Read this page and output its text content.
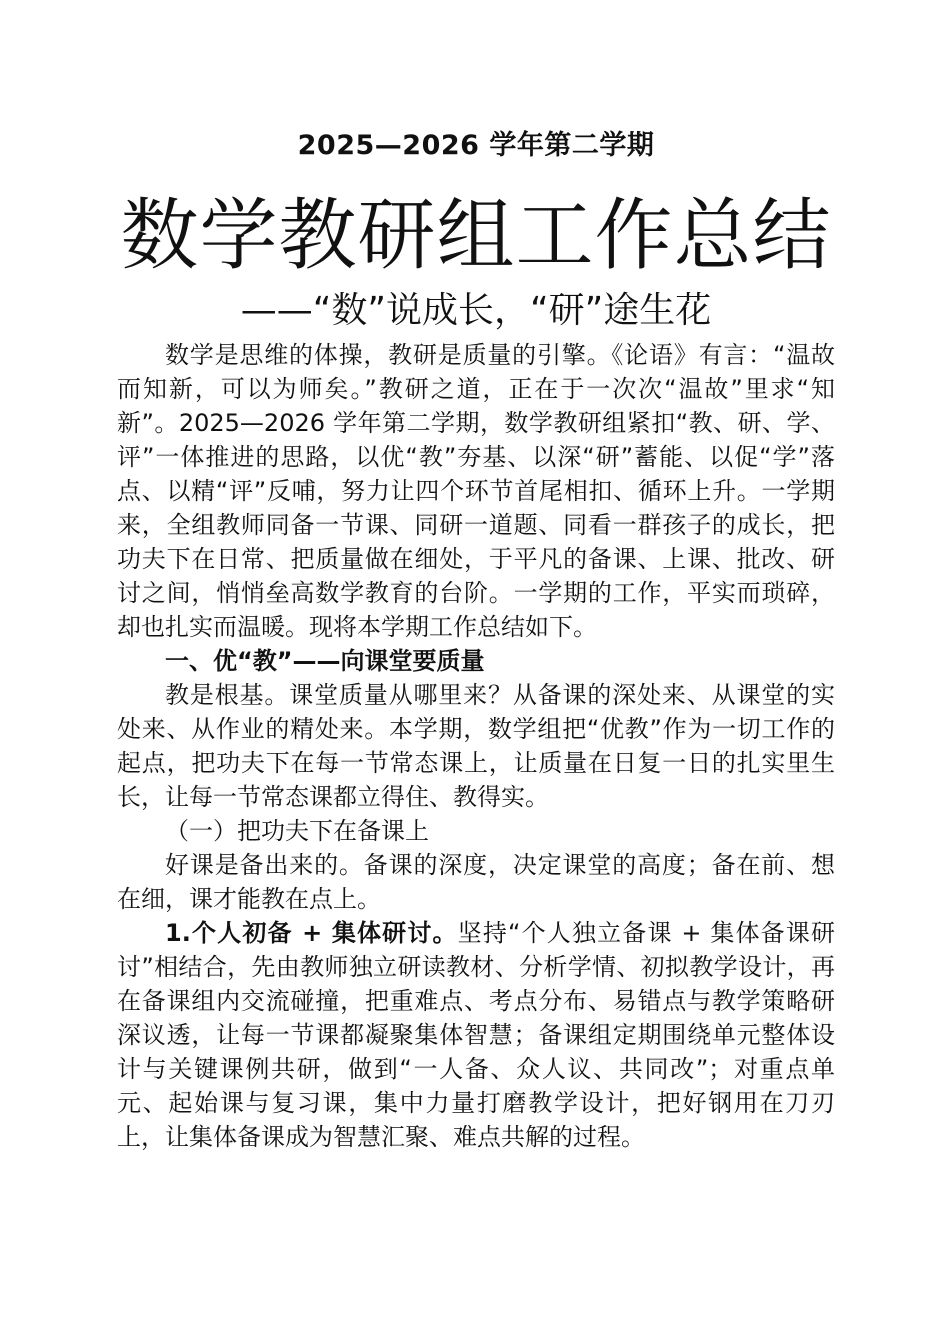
2025—2026 学年第二学期
数学教研组工作总结
——“数”说成长，“研”途生花

数学是思维的体操，教研是质量的引擎。《论语》有言：“温故而知新，可以为师矣。”教研之道，正在于一次次“温故”里求“知新”。2025—2026 学年第二学期，数学教研组紧扣“教、研、学、评”一体推进的思路，以优“教”夯基、以深“研”蓄能、以促“学”落点、以精“评”反哺，努力让四个环节首尾相扣、循环上升。一学期来，全组教师同备一节课、同研一道题、同看一群孩子的成长，把功夫下在日常、把质量做在细处，于平凡的备课、上课、批改、研讨之间，悄悄垒高数学教育的台阶。一学期的工作，平实而琐碎，却也扎实而温暖。现将本学期工作总结如下。

一、优“教”——向课堂要质量

教是根基。课堂质量从哪里来？从备课的深处来、从课堂的实处来、从作业的精处来。本学期，数学组把“优教”作为一切工作的起点，把功夫下在每一节常态课上，让质量在日复一日的扎实里生长，让每一节常态课都立得住、教得实。

（一）把功夫下在备课上

好课是备出来的。备课的深度，决定课堂的高度；备在前、想在细，课才能教在点上。

1.个人初备 + 集体研讨。坚持“个人独立备课 + 集体备课研讨”相结合，先由教师独立研读教材、分析学情、初拟教学设计，再在备课组内交流碰撞，把重难点、考点分布、易错点与教学策略研深议透，让每一节课都凝聚集体智慧；备课组定期围绕单元整体设计与关键课例共研，做到“一人备、众人议、共同改”；对重点单元、起始课与复习课，集中力量打磨教学设计，把好钢用在刀刃上，让集体备课成为智慧汇聚、难点共解的过程。
